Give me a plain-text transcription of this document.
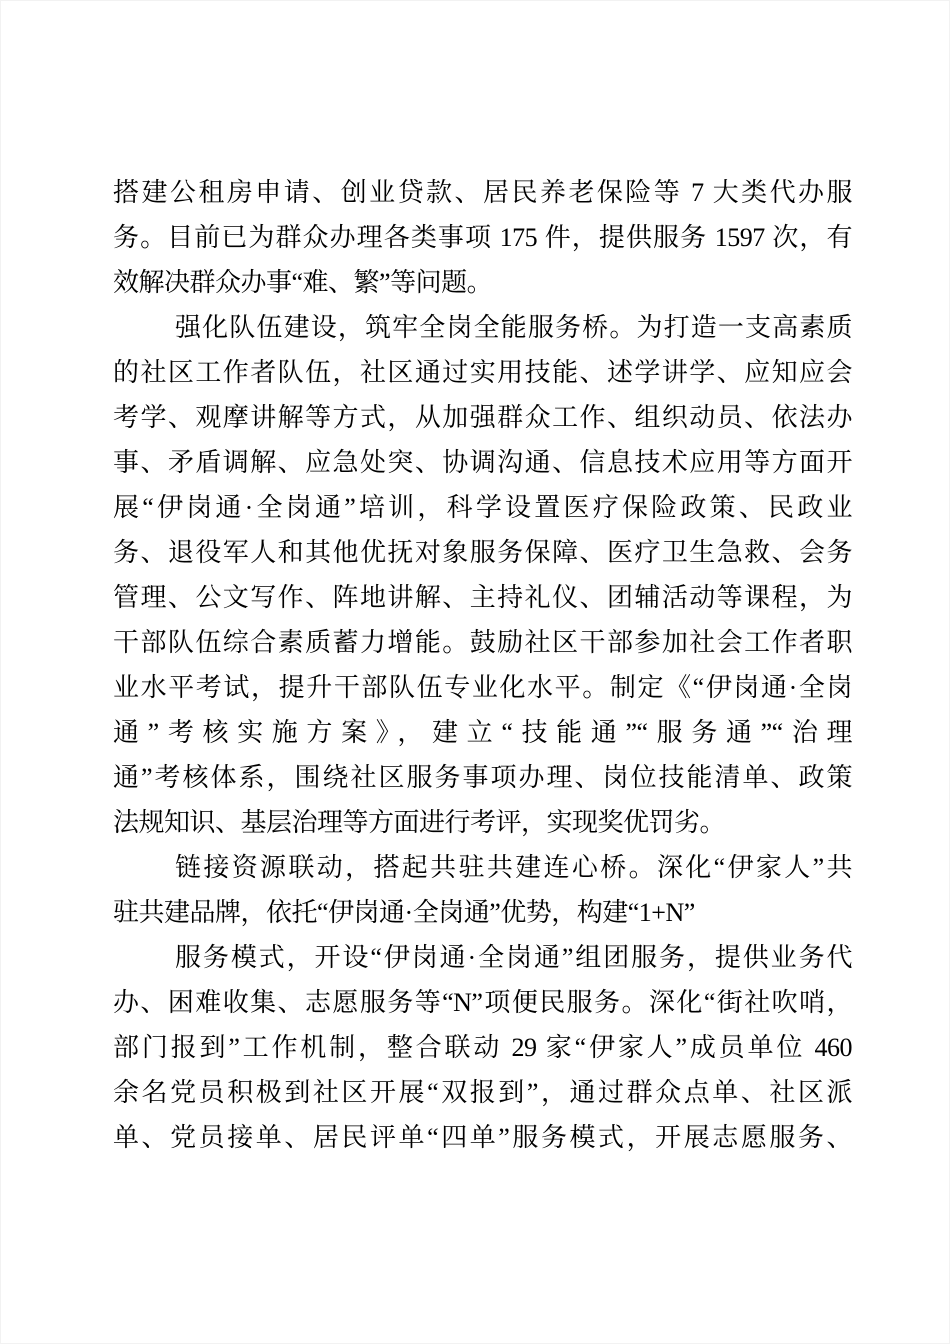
搭建公租房申请、创业贷款、居民养老保险等 7 大类代办服
务。目前已为群众办理各类事项 175 件，提供服务 1597 次，有
效解决群众办事“难、繁”等问题。
强化队伍建设，筑牢全岗全能服务桥。为打造一支高素质
的社区工作者队伍，社区通过实用技能、述学讲学、应知应会
考学、观摩讲解等方式，从加强群众工作、组织动员、依法办
事、矛盾调解、应急处突、协调沟通、信息技术应用等方面开
展“伊岗通·全岗通”培训，科学设置医疗保险政策、民政业
务、退役军人和其他优抚对象服务保障、医疗卫生急救、会务
管理、公文写作、阵地讲解、主持礼仪、团辅活动等课程，为
干部队伍综合素质蓄力增能。鼓励社区干部参加社会工作者职
业水平考试，提升干部队伍专业化水平。制定《“伊岗通·全岗
通”考核实施方案》，建立“技能通”“服务通”“治理
通”考核体系，围绕社区服务事项办理、岗位技能清单、政策
法规知识、基层治理等方面进行考评，实现奖优罚劣。
链接资源联动，搭起共驻共建连心桥。深化“伊家人”共
驻共建品牌，依托“伊岗通·全岗通”优势，构建“1+N”
服务模式，开设“伊岗通·全岗通”组团服务，提供业务代
办、困难收集、志愿服务等“N”项便民服务。深化“街社吹哨，
部门报到”工作机制，整合联动 29 家“伊家人”成员单位 460
余名党员积极到社区开展“双报到”，通过群众点单、社区派
单、党员接单、居民评单“四单”服务模式，开展志愿服务、
